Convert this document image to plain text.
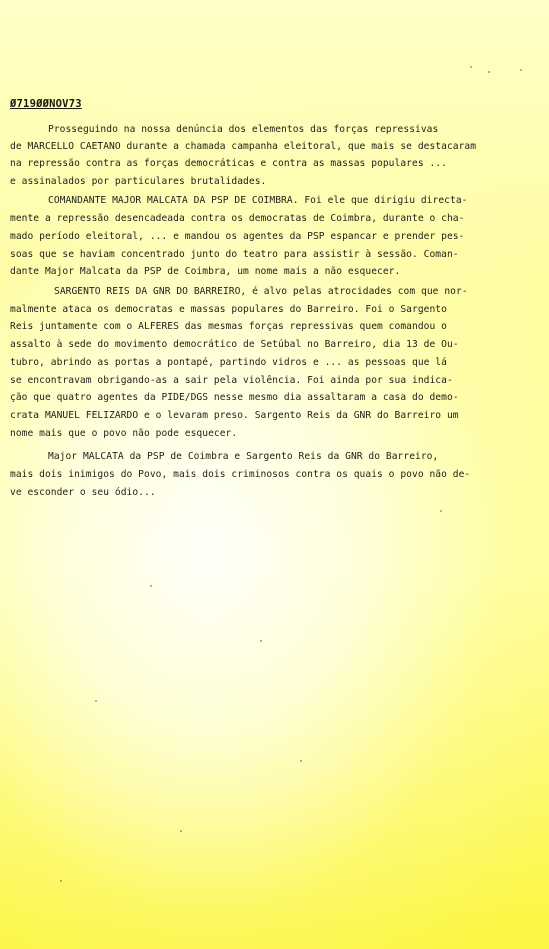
Ø719ØØNOV73
Prosseguindo na nossa denúncia dos elementos das forças repressivas
de MARCELLO CAETANO durante a chamada campanha eleitoral, que mais se destacaram
na repressão contra as forças democráticas e contra as massas populares ...
e assinalados por particulares brutalidades.
COMANDANTE MAJOR MALCATA DA PSP DE COIMBRA. Foi ele que dirigiu directa-
mente a repressão desencadeada contra os democratas de Coimbra, durante o cha-
mado período eleitoral, ... e mandou os agentes da PSP espancar e prender pes-
soas que se haviam concentrado junto do teatro para assistir à sessão. Coman-
dante Major Malcata da PSP de Coimbra, um nome mais a não esquecer.
SARGENTO REIS DA GNR DO BARREIRO, é alvo pelas atrocidades com que nor-
malmente ataca os democratas e massas populares do Barreiro. Foi o Sargento
Reis juntamente com o ALFERES das mesmas forças repressivas quem comandou o
assalto à sede do movimento democrático de Setúbal no Barreiro, dia 13 de Ou-
tubro, abrindo as portas a pontapé, partindo vidros e ... as pessoas que lá
se encontravam obrigando-as a sair pela violência. Foi ainda por sua indica-
ção que quatro agentes da PIDE/DGS nesse mesmo dia assaltaram a casa do demo-
crata MANUEL FELIZARDO e o levaram preso. Sargento Reis da GNR do Barreiro um
nome mais que o povo não pode esquecer.
Major MALCATA da PSP de Coimbra e Sargento Reis da GNR do Barreiro,
mais dois inimigos do Povo, mais dois criminosos contra os quais o povo não de-
ve esconder o seu ódio...
